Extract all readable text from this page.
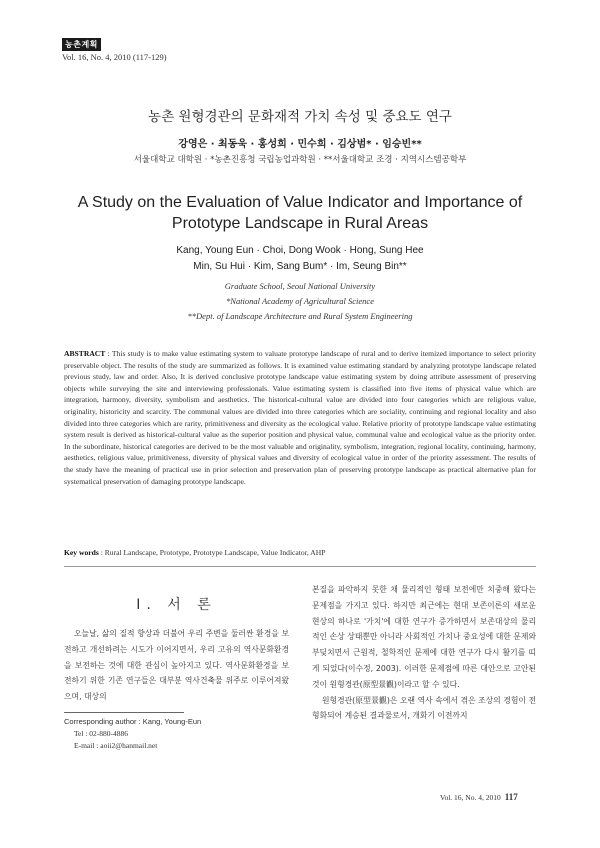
농촌계획
Vol. 16, No. 4, 2010 (117-129)
농촌 원형경관의 문화재적 가치 속성 및 중요도 연구
강영은 · 최동욱 · 홍성희 · 민수희 · 김상범* · 임승빈**
서울대학교 대학원 · *농촌진흥청 국립농업과학원 · **서울대학교 조경 · 지역시스템공학부
A Study on the Evaluation of Value Indicator and Importance of
Prototype Landscape in Rural Areas
Kang, Young Eun · Choi, Dong Wook · Hong, Sung Hee
Min, Su Hui · Kim, Sang Bum* · Im, Seung Bin**
Graduate School, Seoul National University
*National Academy of Agricultural Science
**Dept. of Landscape Architecture and Rural System Engineering
ABSTRACT : This study is to make value estimating system to valuate prototype landscape of rural and to derive itemized importance to select priority preservable object. The results of the study are summarized as follows. It is examined value estimating standard by analyzing prototype landscape related previous study, law and order. Also, It is derived conclusive prototype landscape value estimating system by doing attribute assessment of preserving objects while surveying the site and interviewing professionals. Value estimating system is classified into five items of physical value which are integration, harmony, diversity, symbolism and aesthetics. The historical-cultural value are divided into four categories which are religious value, originality, historicity and scarcity. The communal values are divided into three categories which are sociality, continuing and regional locality and also divided into three categories which are rarity, primitiveness and diversity as the ecological value. Relative priority of prototype landscape value estimating system result is derived as historical-cultural value as the superior position and physical value, communal value and ecological value as the priority order. In the subordinate, historical categories are derived to be the most valuable and originality, symbolism, integration, regional locality, continuing, harmony, aesthetics, religious value, primitiveness, diversity of physical values and diversity of ecological value in order of the priority assessment. The results of the study have the meaning of practical use in prior selection and preservation plan of preserving prototype landscape as practical alternative plan for systematical preservation of damaging prototype landscape.
Key words : Rural Landscape, Prototype, Prototype Landscape, Value Indicator, AHP
Ⅰ. 서 론

오늘날, 삶의 질적 향상과 더불어 우리 주변을 둘러싼 환경을 보전하고 개선하려는 시도가 이어지면서, 우리 고유의 역사문화환경을 보전하는 것에 대한 관심이 높아지고 있다. 역사문화환경을 보전하기 위한 기존 연구들은 대부분 역사건축물 위주로 이루어져왔으며, 대상의

본질을 파악하지 못한 채 물리적인 형태 보전에만 치중해 왔다는 문제점을 가지고 있다. 하지만 최근에는 현대 보존이론의 새로운 현상의 하나로 '가치'에 대한 연구가 증가하면서 보존대상의 물리적인 손상 상태뿐만 아니라 사회적인 가치나 중요성에 대한 문제와 부딪치면서 근원적, 철학적인 문제에 대한 연구가 다시 활기를 띠게 되었다(이수정, 2003). 이러한 문제점에 따른 대안으로 고안된 것이 원형경관(原型景觀)이라고 할 수 있다.

원형경관(原型景觀)은 오랜 역사 속에서 겪은 조상의 경험이 전형화되어 계승된 결과물로서, 개화기 이전까지

Corresponding author : Kang, Young-Eun
Tel : 02-880-4886
E-mail : aoii2@hanmail.net
Vol. 16, No. 4, 2010 117
